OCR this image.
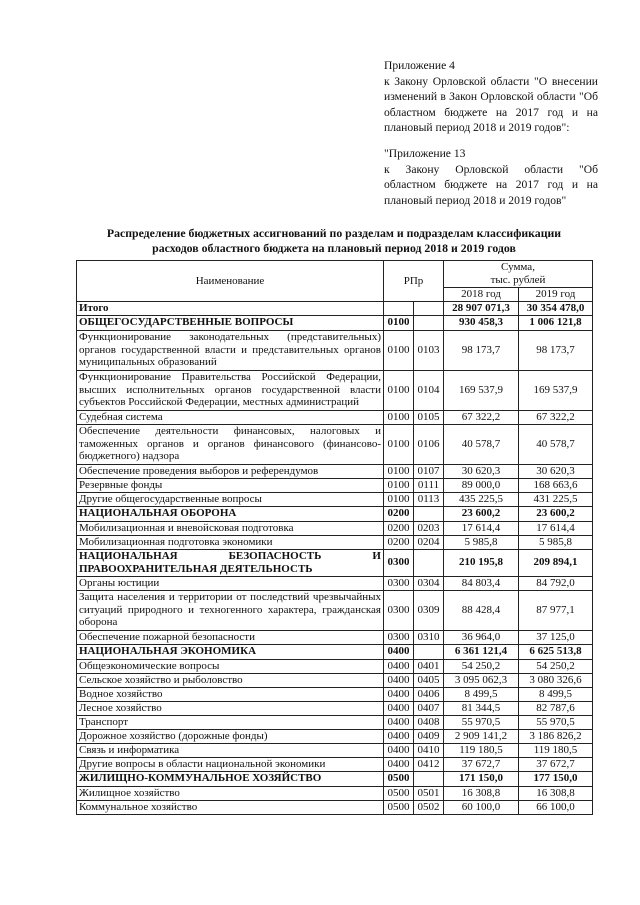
Приложение 4

к Закону Орловской области "О внесении изменений в Закон Орловской области "Об областном бюджете на 2017 год и на плановый период 2018 и 2019 годов":

"Приложение 13

к Закону Орловской области "Об областном бюджете на 2017 год и на плановый период 2018 и 2019 годов"

Распределение бюджетных ассигнований по разделам и подразделам классификации
расходов областного бюджета на плановый период 2018 и 2019 годов
Наименование	РПр		Сумма,
тыс. рублей	

			2018 год	2019 год
Итого			28 907 071,3	30 354 478,0
ОБЩЕГОСУДАРСТВЕННЫЕ ВОПРОСЫ	0100		930 458,3	1 006 121,8
Функционирование законодательных (представительных) органов государственной власти и представительных органов муниципальных образований	0100	0103	98 173,7	98 173,7
Функционирование Правительства Российской Федерации, высших исполнительных органов государственной власти субъектов Российской Федерации, местных администраций	0100	0104	169 537,9	169 537,9
Судебная система	0100	0105	67 322,2	67 322,2
Обеспечение деятельности финансовых, налоговых и таможенных органов и органов финансового (финансово-бюджетного) надзора	0100	0106	40 578,7	40 578,7
Обеспечение проведения выборов и референдумов	0100	0107	30 620,3	30 620,3
Резервные фонды	0100	0111	89 000,0	168 663,6
Другие общегосударственные вопросы	0100	0113	435 225,5	431 225,5
НАЦИОНАЛЬНАЯ ОБОРОНА	0200		23 600,2	23 600,2
Мобилизационная и вневойсковая подготовка	0200	0203	17 614,4	17 614,4
Мобилизационная подготовка экономики	0200	0204	5 985,8	5 985,8
НАЦИОНАЛЬНАЯ БЕЗОПАСНОСТЬ И ПРАВООХРАНИТЕЛЬНАЯ ДЕЯТЕЛЬНОСТЬ	0300		210 195,8	209 894,1
Органы юстиции	0300	0304	84 803,4	84 792,0
Защита населения и территории от последствий чрезвычайных ситуаций природного и техногенного характера, гражданская оборона	0300	0309	88 428,4	87 977,1
Обеспечение пожарной безопасности	0300	0310	36 964,0	37 125,0
НАЦИОНАЛЬНАЯ ЭКОНОМИКА	0400		6 361 121,4	6 625 513,8
Общеэкономические вопросы	0400	0401	54 250,2	54 250,2
Сельское хозяйство и рыболовство	0400	0405	3 095 062,3	3 080 326,6
Водное хозяйство	0400	0406	8 499,5	8 499,5
Лесное хозяйство	0400	0407	81 344,5	82 787,6
Транспорт	0400	0408	55 970,5	55 970,5
Дорожное хозяйство (дорожные фонды)	0400	0409	2 909 141,2	3 186 826,2
Связь и информатика	0400	0410	119 180,5	119 180,5
Другие вопросы в области национальной экономики	0400	0412	37 672,7	37 672,7
ЖИЛИЩНО-КОММУНАЛЬНОЕ ХОЗЯЙСТВО	0500		171 150,0	177 150,0
Жилищное хозяйство	0500	0501	16 308,8	16 308,8
Коммунальное хозяйство	0500	0502	60 100,0	66 100,0
